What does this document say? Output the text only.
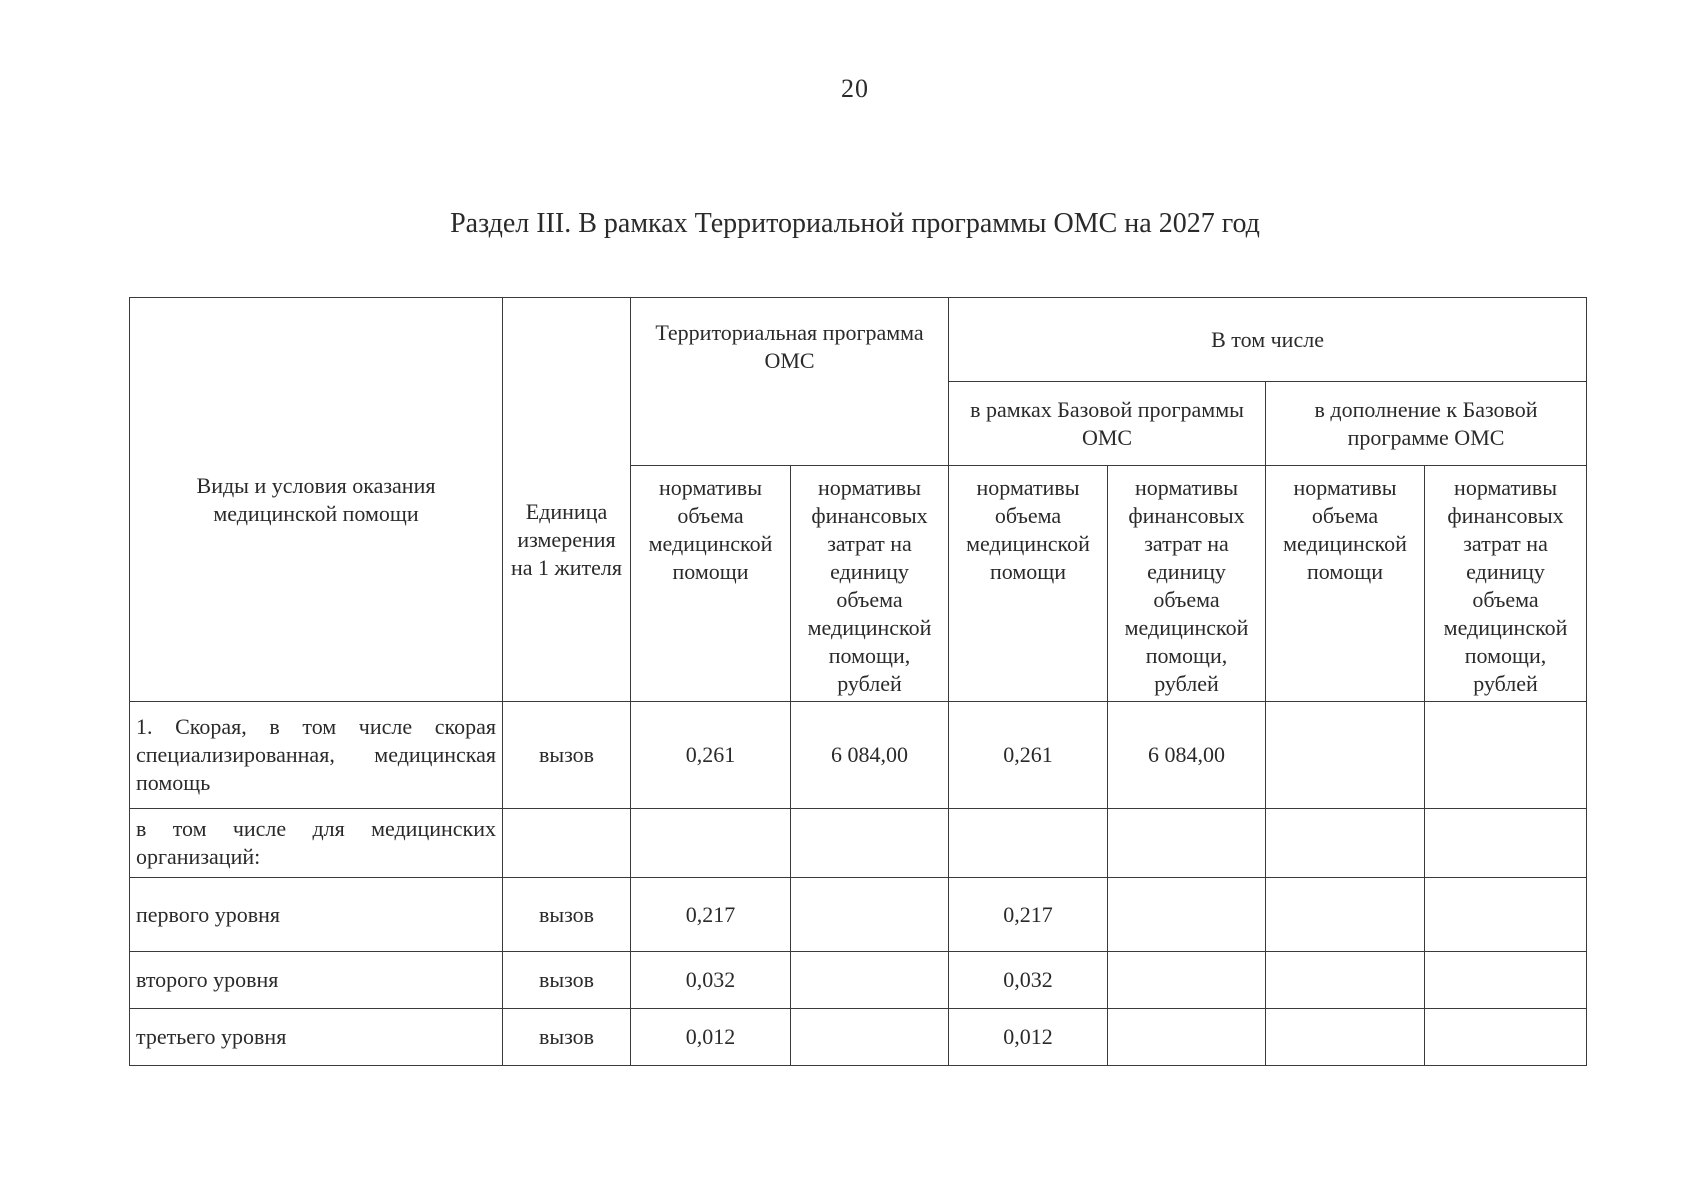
20
Раздел III. В рамках Территориальной программы ОМС на 2027 год
Виды и условия оказания медицинской помощи	Единица измерения на 1 жителя	Территориальная программа ОМС		В том числе			
				в рамках Базовой программы ОМС		в дополнение к Базовой программе ОМС	
		нормативы объема медицинской помощи	нормативы финансовых затрат на единицу объема медицинской помощи, рублей	нормативы объема медицинской помощи	нормативы финансовых затрат на единицу объема медицинской помощи, рублей	нормативы объема медицинской помощи	нормативы финансовых затрат на единицу объема медицинской помощи, рублей
1. Скорая, в том числе скорая специализированная, медицинская помощь	вызов	0,261	6 084,00	0,261	6 084,00		
в том числе для медицинских организаций:							
первого уровня	вызов	0,217		0,217			
второго уровня	вызов	0,032		0,032			
третьего уровня	вызов	0,012		0,012			
